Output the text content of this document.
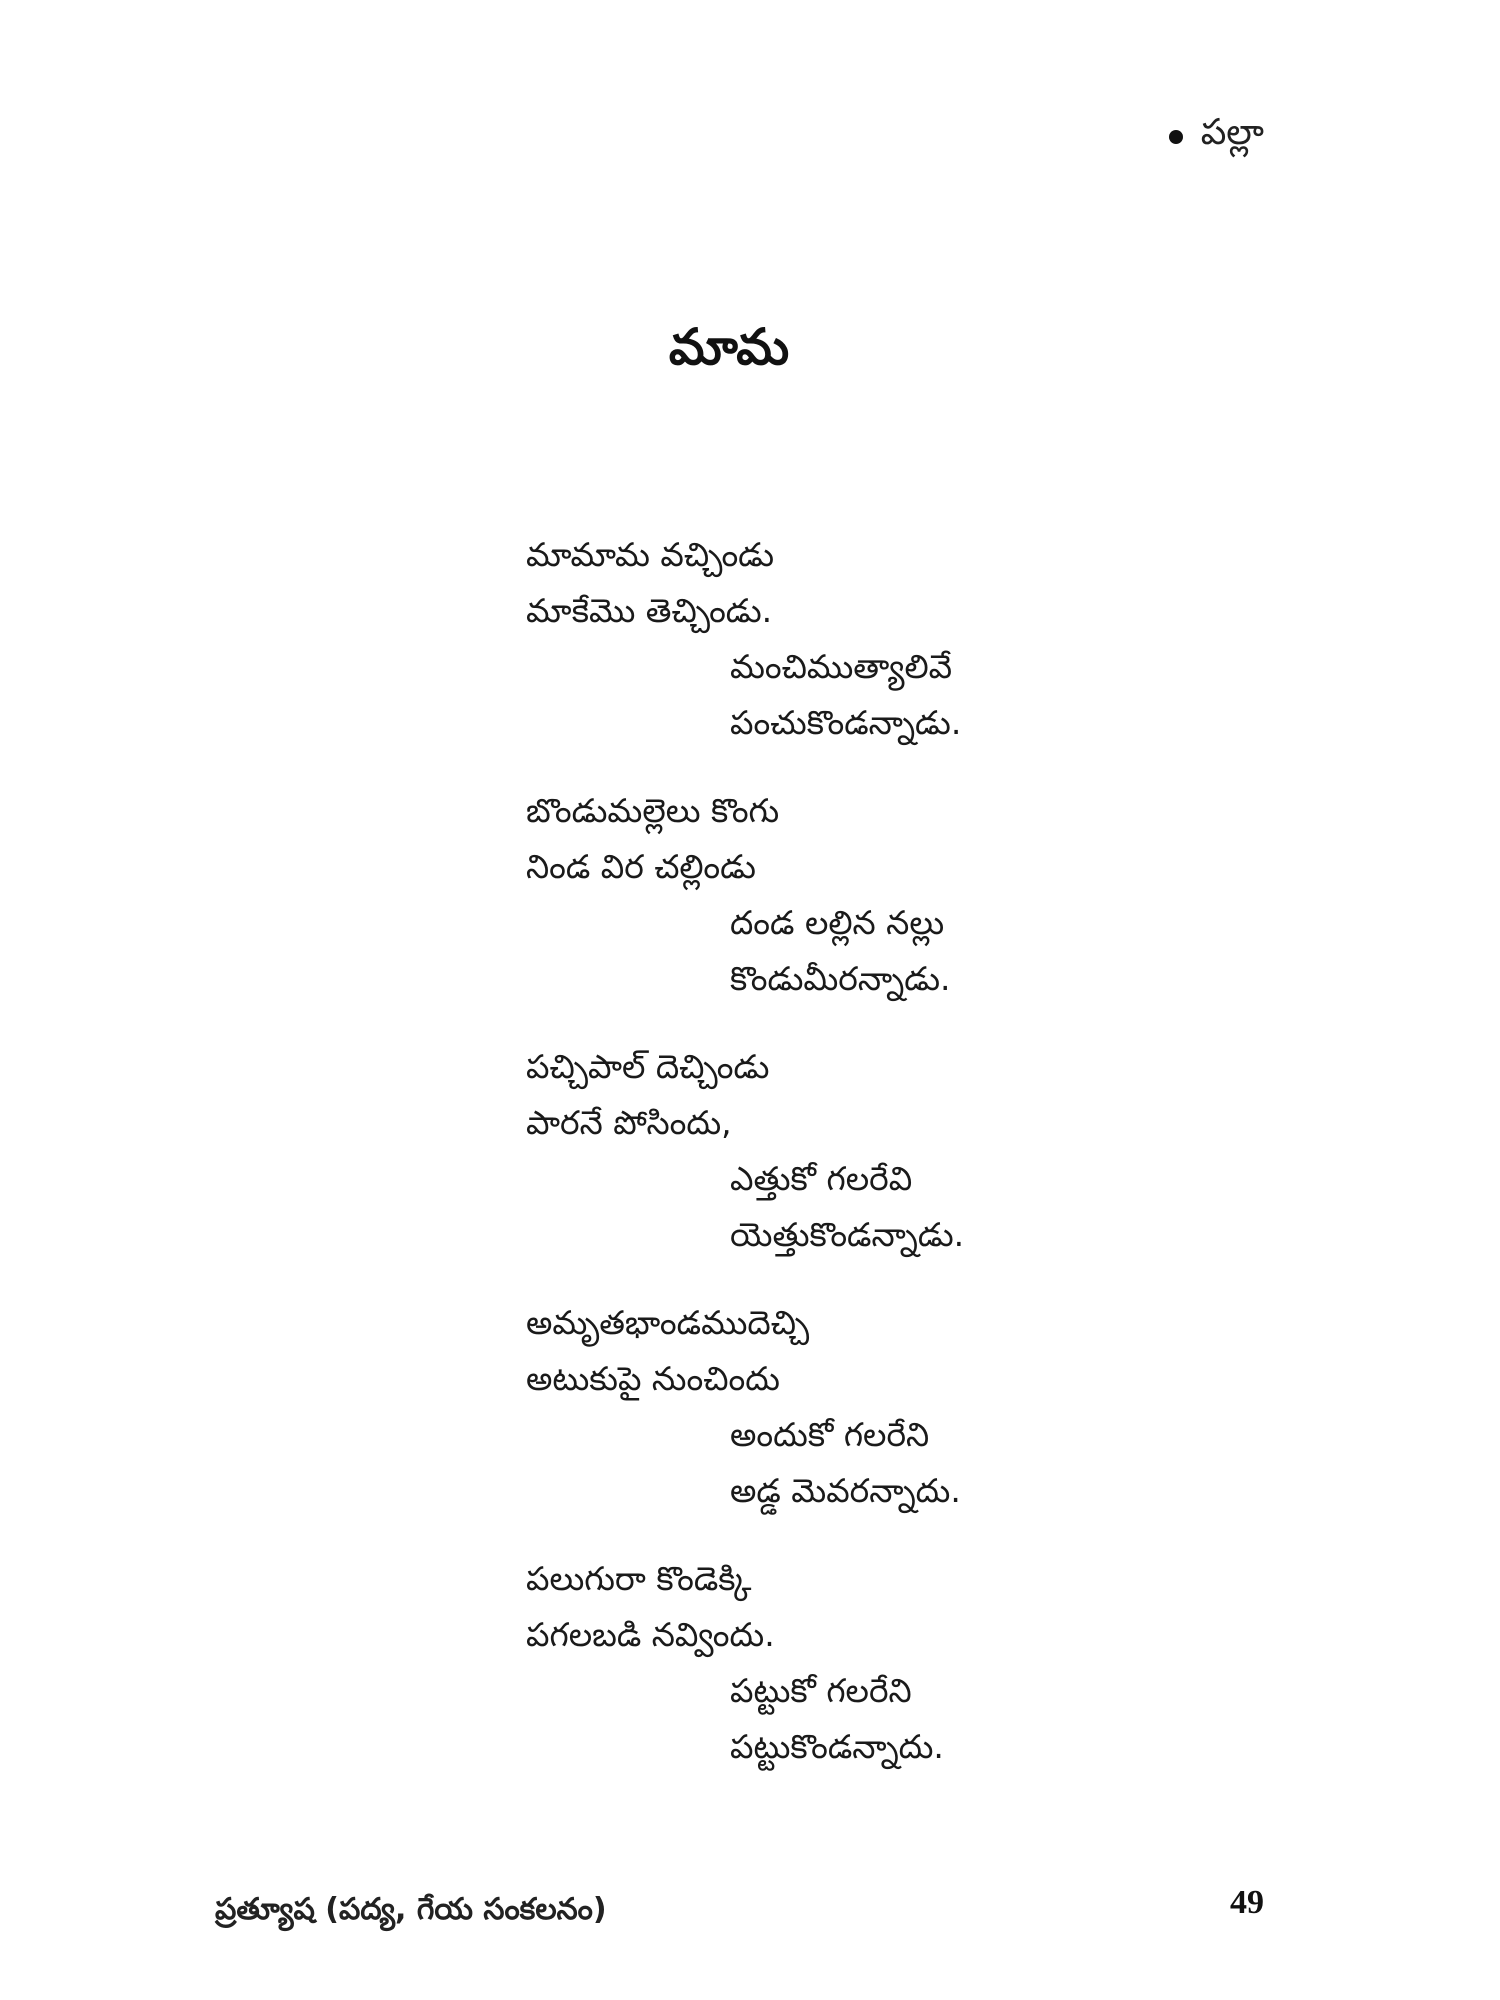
పల్లా
మామ
మామామ వచ్చిండు
మాకేమొ తెచ్చిండు.
మంచిముత్యాలివే
పంచుకొండన్నాడు.
బొండుమల్లెలు కొంగు
నిండ విర చల్లిండు
దండ లల్లిన నల్లు
కొండుమీరన్నాడు.
పచ్చిపాల్ దెచ్చిండు
పారనే పోసిందు,
ఎత్తుకో గలరేవి
యెత్తుకొండన్నాడు.
అమృతభాండముదెచ్చి
అటుకుపై నుంచిందు
అందుకో గలరేని
అడ్డ మెవరన్నాదు.
పలుగురా కొండెక్కి
పగలబడి నవ్విందు.
పట్టుకో గలరేని
పట్టుకొండన్నాదు.
ప్రత్యూష (పద్య, గేయ సంకలనం)	49
